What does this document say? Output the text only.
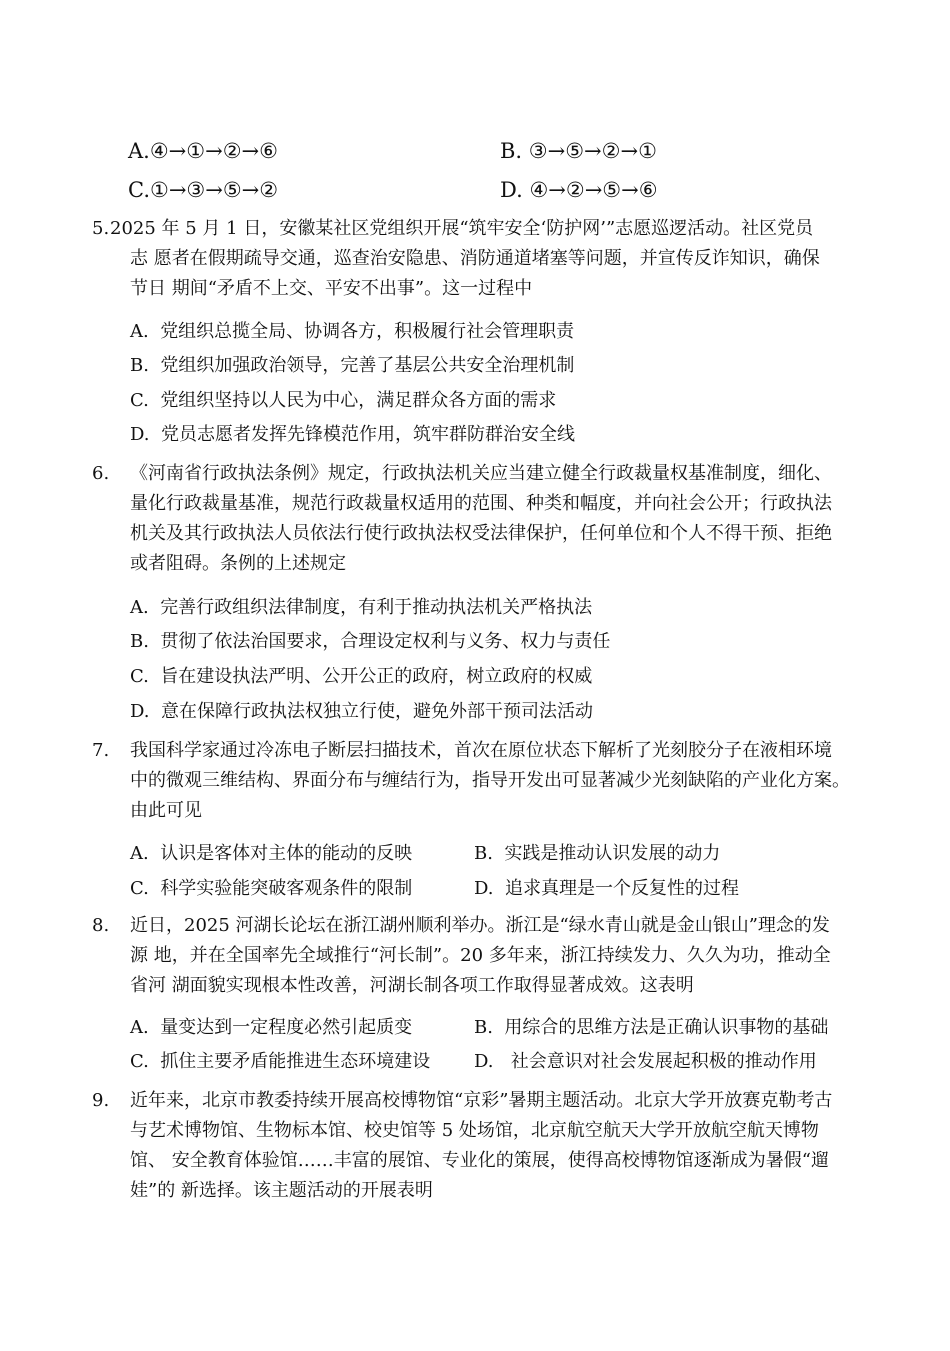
A.④→①→②→⑥	B. ③→⑤→②→①
C.①→③→⑤→②	D. ④→②→⑤→⑥
5. 2025 年 5 月 1 日，安徽某社区党组织开展“筑牢安全‘防护网’”志愿巡逻活动。社区党员
志 愿者在假期疏导交通，巡查治安隐患、消防通道堵塞等问题，并宣传反诈知识，确保
节日 期间“矛盾不上交、平安不出事”。这一过程中
A. 党组织总揽全局、协调各方，积极履行社会管理职责
B. 党组织加强政治领导，完善了基层公共安全治理机制
C. 党组织坚持以人民为中心，满足群众各方面的需求
D. 党员志愿者发挥先锋模范作用，筑牢群防群治安全线
6. 《河南省行政执法条例》规定，行政执法机关应当建立健全行政裁量权基准制度，细化、
量化行政裁量基准，规范行政裁量权适用的范围、种类和幅度，并向社会公开；行政执法
机关及其行政执法人员依法行使行政执法权受法律保护，任何单位和个人不得干预、拒绝
或者阻碍。条例的上述规定
A. 完善行政组织法律制度，有利于推动执法机关严格执法
B. 贯彻了依法治国要求，合理设定权利与义务、权力与责任
C. 旨在建设执法严明、公开公正的政府，树立政府的权威
D. 意在保障行政执法权独立行使，避免外部干预司法活动
7. 我国科学家通过冷冻电子断层扫描技术，首次在原位状态下解析了光刻胶分子在液相环境
中的微观三维结构、界面分布与缠结行为，指导开发出可显著减少光刻缺陷的产业化方案。
由此可见
A. 认识是客体对主体的能动的反映	B. 实践是推动认识发展的动力
C. 科学实验能突破客观条件的限制	D. 追求真理是一个反复性的过程
8. 近日，2025 河湖长论坛在浙江湖州顺利举办。浙江是“绿水青山就是金山银山”理念的发
源 地，并在全国率先全域推行“河长制”。20 多年来，浙江持续发力、久久为功，推动全
省河 湖面貌实现根本性改善，河湖长制各项工作取得显著成效。这表明
A. 量变达到一定程度必然引起质变	B. 用综合的思维方法是正确认识事物的基础
C. 抓住主要矛盾能推进生态环境建设 D.   社会意识对社会发展起积极的推动作用
9. 近年来，北京市教委持续开展高校博物馆“京彩”暑期主题活动。北京大学开放赛克勒考古
与艺术博物馆、生物标本馆、校史馆等 5 处场馆，北京航空航天大学开放航空航天博物
馆、 安全教育体验馆……丰富的展馆、专业化的策展，使得高校博物馆逐渐成为暑假“遛
娃”的 新选择。该主题活动的开展表明
